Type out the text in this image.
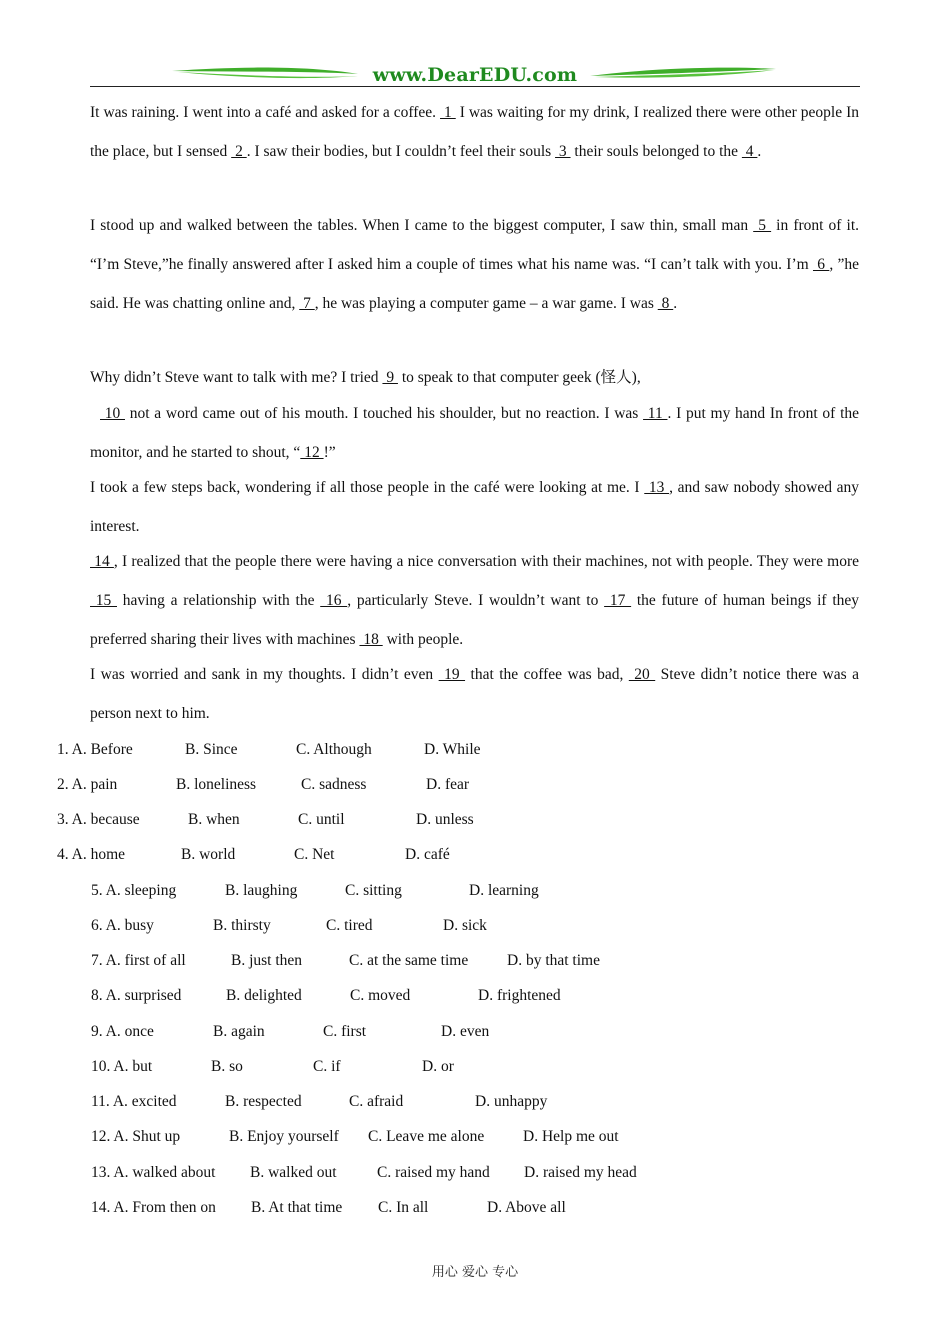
www.DearEDU.com

It was raining. I went into a café and asked for a coffee.  1  I was waiting for my drink, I realized there were other people In the place, but I sensed  2 . I saw their bodies, but I couldn’t feel their souls  3  their souls belonged to the  4 .

I stood up and walked between the tables. When I came to the biggest computer, I saw thin, small man  5  in front of it. “I’m Steve,”he finally answered after I asked him a couple of times what his name was. “I can’t talk with you. I’m  6 , ”he said. He was chatting online and,  7 , he was playing a computer game – a war game. I was  8 .

Why didn’t Steve want to talk with me? I tried  9  to speak to that computer geek (怪人),

10  not a word came out of his mouth. I touched his shoulder, but no reaction. I was  11 . I put my hand In front of the monitor, and he started to shout, “ 12 !”

I took a few steps back, wondering if all those people in the café were looking at me. I  13 , and saw nobody showed any interest.

14 , I realized that the people there were having a nice conversation with their machines, not with people. They were more  15  having a relationship with the  16 , particularly Steve. I wouldn’t want to  17  the future of human beings if they preferred sharing their lives with machines  18  with people.

I was worried and sank in my thoughts. I didn’t even  19  that the coffee was bad,  20  Steve didn’t notice there was a person next to him.

1. A. Before	B. Since	C. Although	D. While
2. A. pain	B. loneliness	C. sadness	D. fear
3. A. because	B. when	C. until	D. unless
4. A. home	B. world	C. Net	D. café
5. A. sleeping	B. laughing	C. sitting	D. learning
6. A. busy	B. thirsty	C. tired	D. sick
7. A. first of all	B. just then	C. at the same time	D. by that time
8. A. surprised	B. delighted	C. moved	D. frightened
9. A. once	B. again	C. first	D. even
10. A. but	B. so	C. if	D. or
11. A. excited	B. respected	C. afraid	D. unhappy
12. A. Shut up	B. Enjoy yourself C. Leave me alone	D. Help me out
13. A. walked about B. walked out	C. raised my hand D. raised my head
14. A. From then on B. At that time C. In all	D. Above all
用心 爱心 专心
